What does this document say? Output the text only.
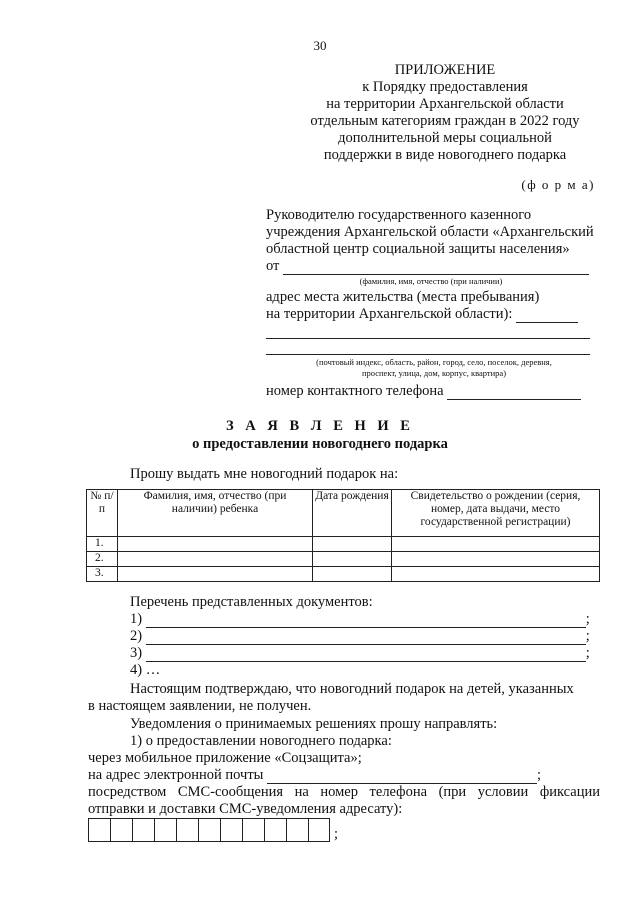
30
ПРИЛОЖЕНИЕ
к Порядку предоставления
на территории Архангельской области
отдельным категориям граждан в 2022 году
дополнительной меры социальной
поддержки в виде новогоднего подарка
(ф о р м а)
Руководителю государственного казенного
учреждения Архангельской области «Архангельский
областной центр социальной защиты населения»
от
(фамилия, имя, отчество (при наличии)
адрес места жительства (места пребывания)
на территории Архангельской области):
(почтовый индекс, область, район, город, село, поселок, деревня,
проспект, улица, дом, корпус, квартира)
номер контактного телефона
З А Я В Л Е Н И Е
о предоставлении новогоднего подарка
Прошу выдать мне новогодний подарок на:
№ п/п	Фамилия, имя, отчество (при наличии) ребенка	Дата рождения	Свидетельство о рождении (серия, номер, дата выдачи, место государственной регистрации)
1.			
2.			
3.			
Перечень представленных документов:
1)	;
2)	;
3)	;
4) …
Настоящим подтверждаю, что новогодний подарок на детей, указанных
в настоящем заявлении, не получен.
Уведомления о принимаемых решениях прошу направлять:
1) о предоставлении новогоднего подарка:
через мобильное приложение «Соцзащита»;
на адрес электронной почты	;
посредством СМС-сообщения на номер телефона (при условии фиксации
отправки и доставки СМС-уведомления адресату):
;
